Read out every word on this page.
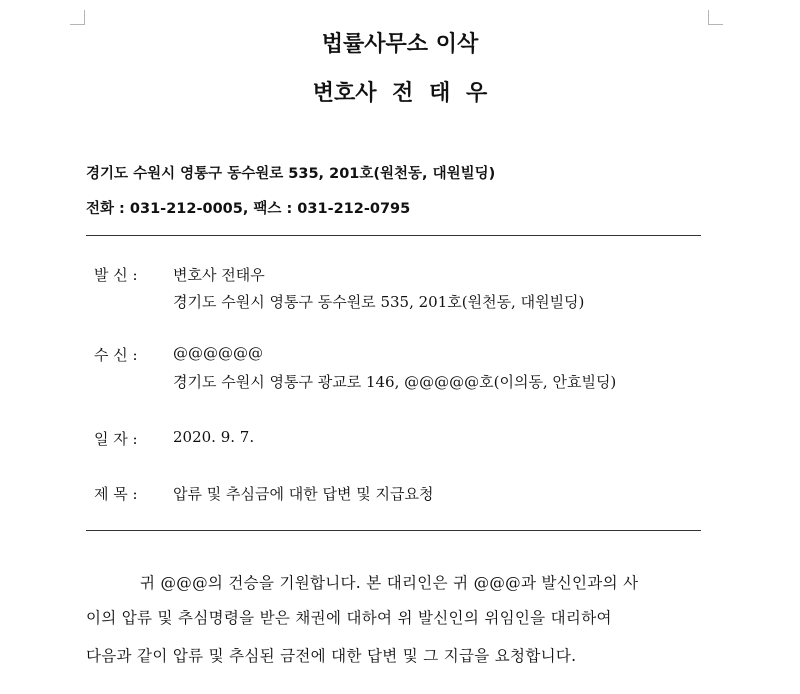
법률사무소 이삭
변호사 전 태 우
경기도 수원시 영통구 동수원로 535, 201호(원천동, 대원빌딩)
전화 : 031-212-0005, 팩스 : 031-212-0795
발 신 : 변호사 전태우
경기도 수원시 영통구 동수원로 535, 201호(원천동, 대원빌딩)
수 신 : @@@@@@
경기도 수원시 영통구 광교로 146, @@@@@호(이의동, 안효빌딩)
일 자 : 2020. 9. 7.
제 목 : 압류 및 추심금에 대한 답변 및 지급요청
귀 @@@의 건승을 기원합니다. 본 대리인은 귀 @@@과 발신인과의 사
이의 압류 및 추심명령을 받은 채권에 대하여 위 발신인의 위임인을 대리하여
다음과 같이 압류 및 추심된 금전에 대한 답변 및 그 지급을 요청합니다.
